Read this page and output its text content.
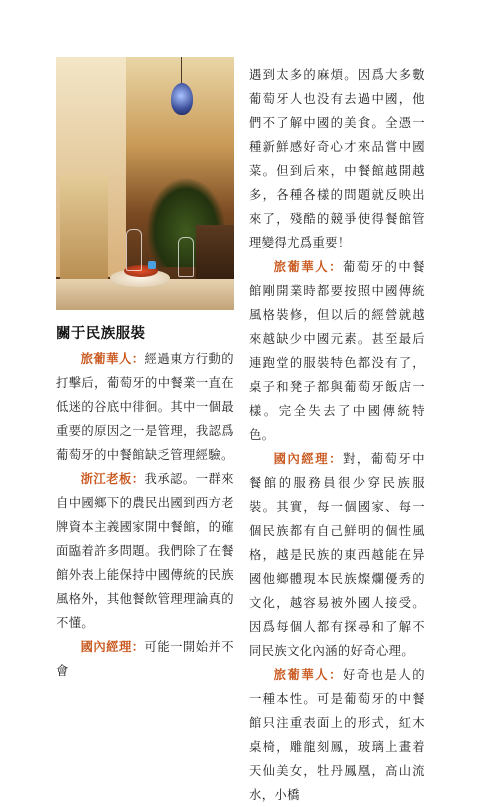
關于民族服裝

旅葡華人：經過東方行動的打擊后，葡萄牙的中餐業一直在低迷的谷底中徘徊。其中一個最重要的原因之一是管理，我認爲葡萄牙的中餐館缺乏管理經驗。

浙江老板：我承認。一群來自中國鄉下的農民出國到西方老牌資本主義國家開中餐館，的確面臨着許多問題。我們除了在餐館外表上能保持中國傳統的民族風格外，其他餐飲管理理論真的不懂。

國內經理：可能一開始并不會

遇到太多的麻煩。因爲大多數葡萄牙人也没有去過中國，他們不了解中國的美食。全憑一種新鮮感好奇心才來品嘗中國菜。但到后來，中餐館越開越多，各種各樣的問題就反映出來了，殘酷的競爭使得餐館管理變得尤爲重要！

旅葡華人：葡萄牙的中餐館剛開業時都要按照中國傳統風格裝修，但以后的經營就越來越缺少中國元素。甚至最后連跑堂的服裝特色都没有了，桌子和凳子都與葡萄牙飯店一樣。完全失去了中國傳統特色。

國內經理：對，葡萄牙中餐館的服務員很少穿民族服裝。其實，每一個國家、每一個民族都有自己鮮明的個性風格，越是民族的東西越能在异國他鄉體現本民族燦爛優秀的文化，越容易被外國人接受。因爲每個人都有探尋和了解不同民族文化內涵的好奇心理。

旅葡華人：好奇也是人的一種本性。可是葡萄牙的中餐館只注重表面上的形式，紅木桌椅，雕龍刻鳳，玻璃上畫着天仙美女，牡丹鳳凰，高山流水，小橋
